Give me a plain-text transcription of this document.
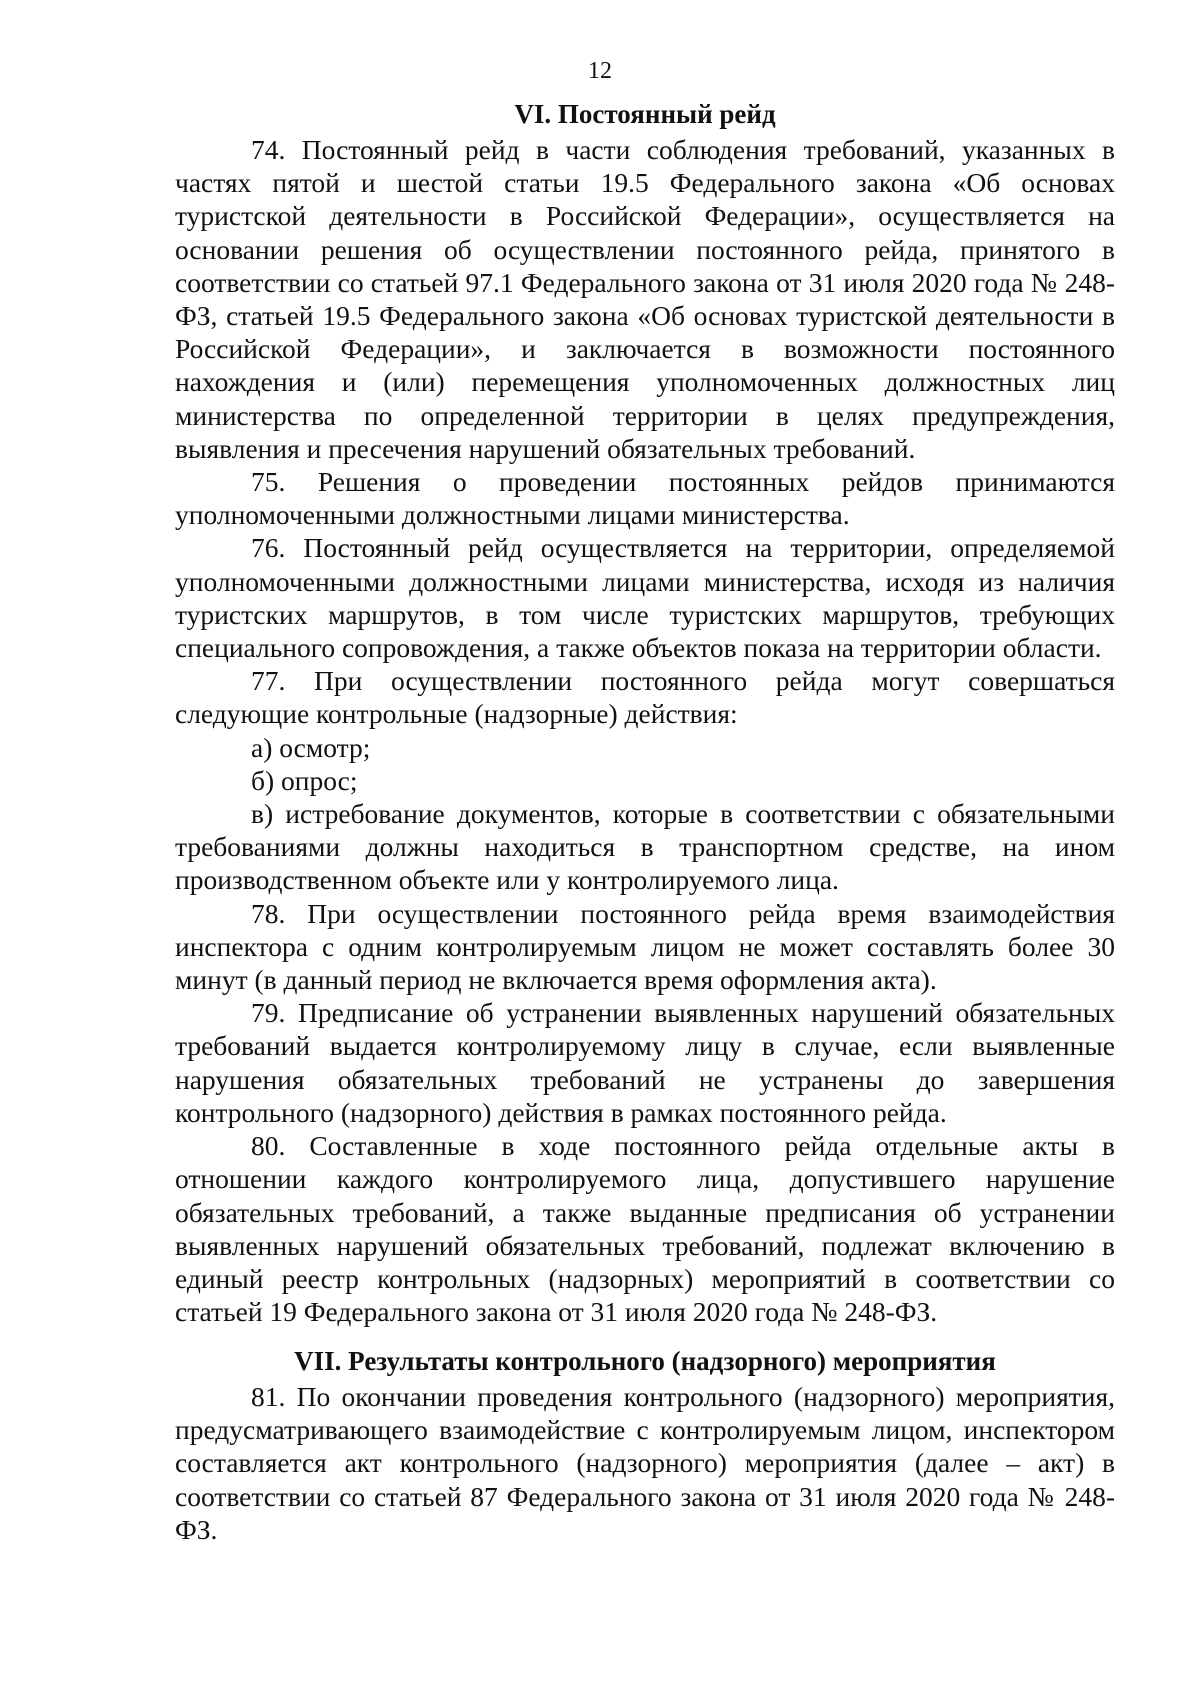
12

VI. Постоянный рейд

74. Постоянный рейд в части соблюдения требований, указанных в частях пятой и шестой статьи 19.5 Федерального закона «Об основах туристской деятельности в Российской Федерации», осуществляется на основании решения об осуществлении постоянного рейда, принятого в соответствии со статьей 97.1 Федерального закона от 31 июля 2020 года № 248-ФЗ, статьей 19.5 Федерального закона «Об основах туристской деятельности в Российской Федерации», и заключается в возможности постоянного нахождения и (или) перемещения уполномоченных должностных лиц министерства по определенной территории в целях предупреждения, выявления и пресечения нарушений обязательных требований.

75. Решения о проведении постоянных рейдов принимаются уполномоченными должностными лицами министерства.

76. Постоянный рейд осуществляется на территории, определяемой уполномоченными должностными лицами министерства, исходя из наличия туристских маршрутов, в том числе туристских маршрутов, требующих специального сопровождения, а также объектов показа на территории области.

77. При осуществлении постоянного рейда могут совершаться следующие контрольные (надзорные) действия:

а) осмотр;

б) опрос;

в) истребование документов, которые в соответствии с обязательными требованиями должны находиться в транспортном средстве, на ином производственном объекте или у контролируемого лица.

78. При осуществлении постоянного рейда время взаимодействия инспектора с одним контролируемым лицом не может составлять более 30 минут (в данный период не включается время оформления акта).

79. Предписание об устранении выявленных нарушений обязательных требований выдается контролируемому лицу в случае, если выявленные нарушения обязательных требований не устранены до завершения контрольного (надзорного) действия в рамках постоянного рейда.

80. Составленные в ходе постоянного рейда отдельные акты в отношении каждого контролируемого лица, допустившего нарушение обязательных требований, а также выданные предписания об устранении выявленных нарушений обязательных требований, подлежат включению в единый реестр контрольных (надзорных) мероприятий в соответствии со статьей 19 Федерального закона от 31 июля 2020 года № 248-ФЗ.

VII. Результаты контрольного (надзорного) мероприятия

81. По окончании проведения контрольного (надзорного) мероприятия, предусматривающего взаимодействие с контролируемым лицом, инспектором составляется акт контрольного (надзорного) мероприятия (далее – акт) в соответствии со статьей 87 Федерального закона от 31 июля 2020 года № 248-ФЗ.
